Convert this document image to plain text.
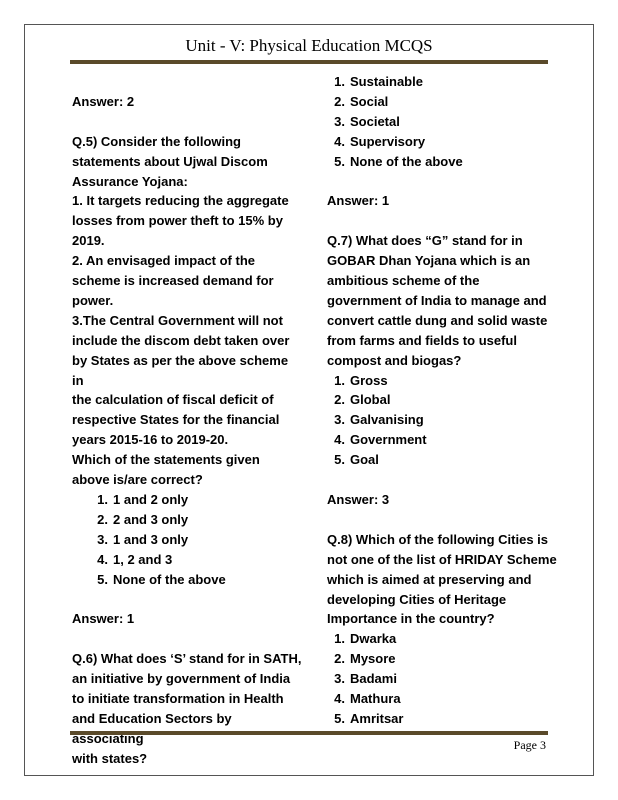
Unit - V: Physical Education MCQS
Answer: 2
Q.5) Consider the following
statements about Ujwal Discom
Assurance Yojana:
1. It targets reducing the aggregate
losses from power theft to 15% by
2019.
2. An envisaged impact of the
scheme is increased demand for
power.
3.The Central Government will not
include the discom debt taken over
by States as per the above scheme in
the calculation of fiscal deficit of
respective States for the financial
years 2015-16 to 2019-20.
Which of the statements given
above is/are correct?
1. 1 and 2 only
2. 2 and 3 only
3. 1 and 3 only
4. 1, 2 and 3
5. None of the above
Answer: 1
Q.6) What does ‘S’ stand for in SATH,
an initiative by government of India
to initiate transformation in Health
and Education Sectors by associating
with states?
1. Sustainable
2. Social
3. Societal
4. Supervisory
5. None of the above
Answer: 1
Q.7) What does “G” stand for in
GOBAR Dhan Yojana which is an
ambitious scheme of the
government of India to manage and
convert cattle dung and solid waste
from farms and fields to useful
compost and biogas?
1. Gross
2. Global
3. Galvanising
4. Government
5. Goal
Answer: 3
Q.8) Which of the following Cities is
not one of the list of HRIDAY Scheme
which is aimed at preserving and
developing Cities of Heritage
Importance in the country?
1. Dwarka
2. Mysore
3. Badami
4. Mathura
5. Amritsar
Page 3
